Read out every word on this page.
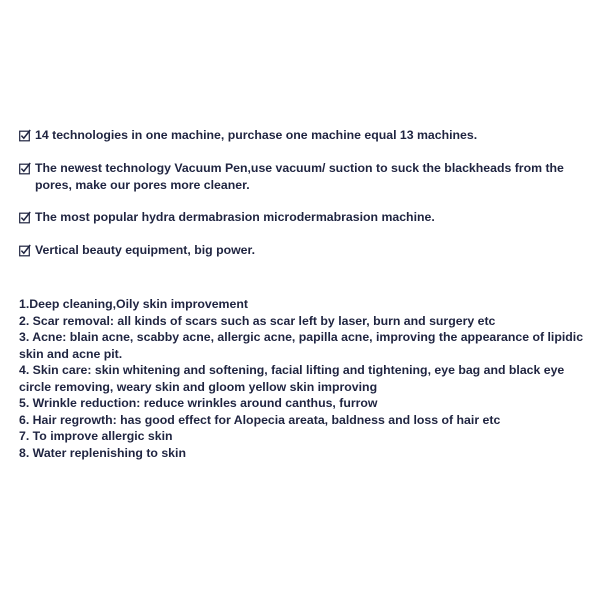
14 technologies in one machine, purchase one machine equal 13 machines.
The newest technology Vacuum Pen,use vacuum/ suction to suck the blackheads from the pores, make our pores more cleaner.
The most popular hydra dermabrasion microdermabrasion machine.
Vertical beauty equipment, big power.

1.Deep cleaning,Oily skin improvement

2. Scar removal: all kinds of scars such as scar left by laser, burn and surgery etc

3. Acne: blain acne, scabby acne, allergic acne, papilla acne, improving the appearance of lipidic skin and acne pit.

4. Skin care: skin whitening and softening, facial lifting and tightening, eye bag and black eye circle removing, weary skin and gloom yellow skin improving

5. Wrinkle reduction: reduce wrinkles around canthus, furrow

6. Hair regrowth: has good effect for Alopecia areata, baldness and loss of hair etc

7. To improve allergic skin

8. Water replenishing to skin
